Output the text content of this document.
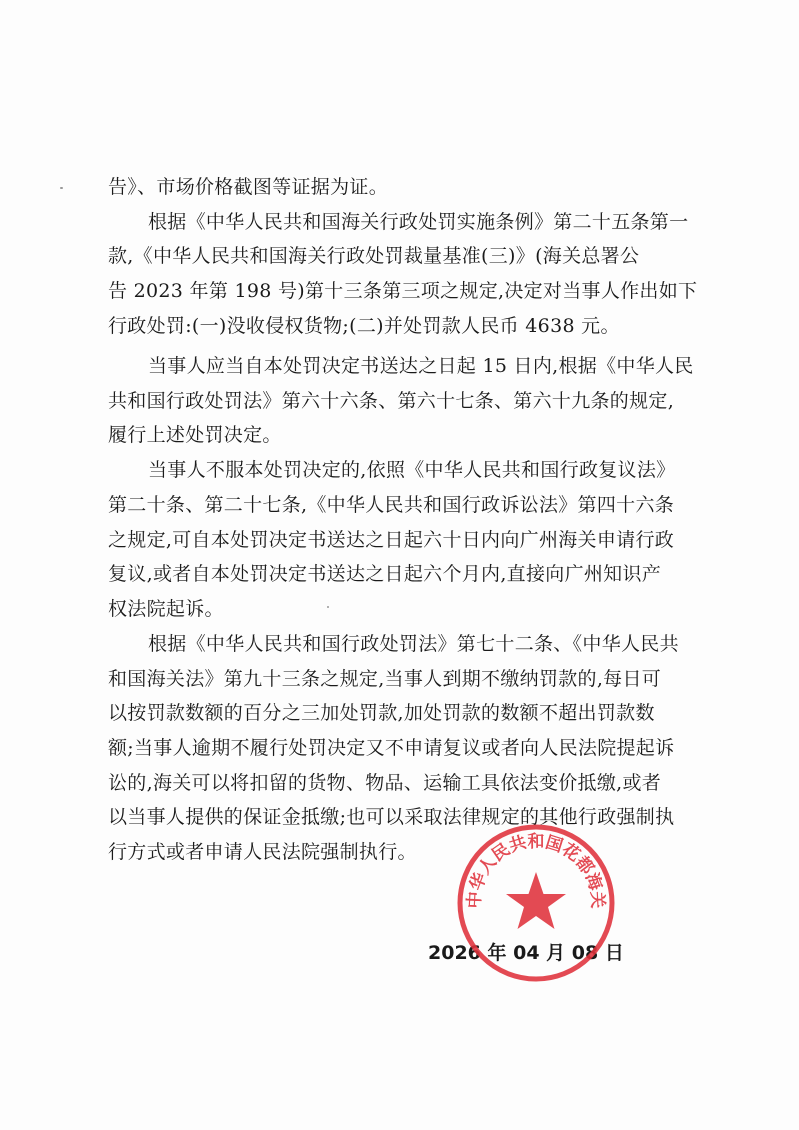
告》、市场价格截图等证据为证。
根据《中华人民共和国海关行政处罚实施条例》第二十五条第一
款,《中华人民共和国海关行政处罚裁量基准(三)》(海关总署公
告 2023 年第 198 号)第十三条第三项之规定,决定对当事人作出如下
行政处罚:(一)没收侵权货物;(二)并处罚款人民币 4638 元。
当事人应当自本处罚决定书送达之日起 15 日内,根据《中华人民
共和国行政处罚法》第六十六条、第六十七条、第六十九条的规定,
履行上述处罚决定。
当事人不服本处罚决定的,依照《中华人民共和国行政复议法》
第二十条、第二十七条,《中华人民共和国行政诉讼法》第四十六条
之规定,可自本处罚决定书送达之日起六十日内向广州海关申请行政
复议,或者自本处罚决定书送达之日起六个月内,直接向广州知识产
权法院起诉。
根据《中华人民共和国行政处罚法》第七十二条、《中华人民共
和国海关法》第九十三条之规定,当事人到期不缴纳罚款的,每日可
以按罚款数额的百分之三加处罚款,加处罚款的数额不超出罚款数
额;当事人逾期不履行处罚决定又不申请复议或者向人民法院提起诉
讼的,海关可以将扣留的货物、物品、运输工具依法变价抵缴,或者
以当事人提供的保证金抵缴;也可以采取法律规定的其他行政强制执
行方式或者申请人民法院强制执行。
2026 年 04 月 08 日
中华人民共和国花都海关
